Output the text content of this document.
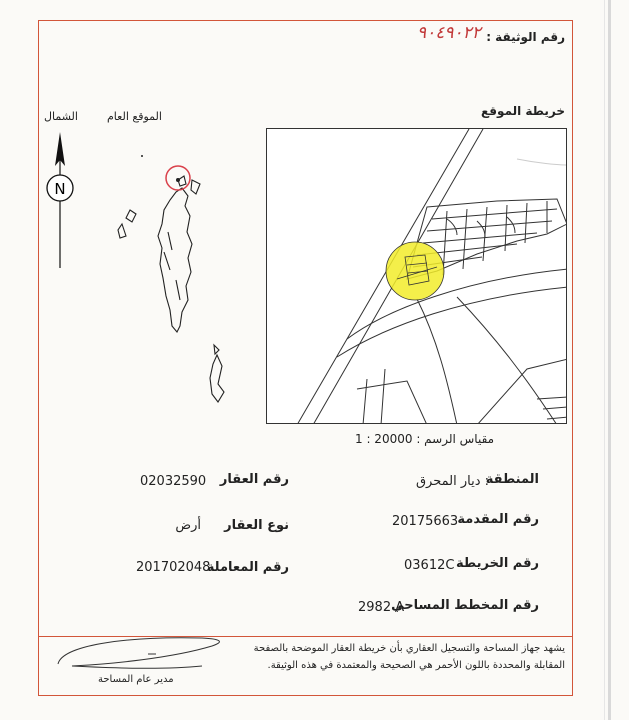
رقم الوثيقة :
٩٠٤٩٠٢٢
خريطة الموقع
الموقع العام
الشمال
N
مقياس الرسم : 1 : 20000
المنطقة
: ديار المحرق
رقم المقدمة
20175663
رقم الخريطة
03612C
رقم المخطط المساحي
2982 A
رقم العقار
02032590
نوع العقار
أرض
رقم المعاملة
201702048
يشهد جهاز المساحة والتسجيل العقاري بأن خريطة العقار الموضحة بالصفحة المقابلة والمحددة باللون الأحمر هي الصحيحة والمعتمدة في هذه الوثيقة.
مدير عام المساحة
